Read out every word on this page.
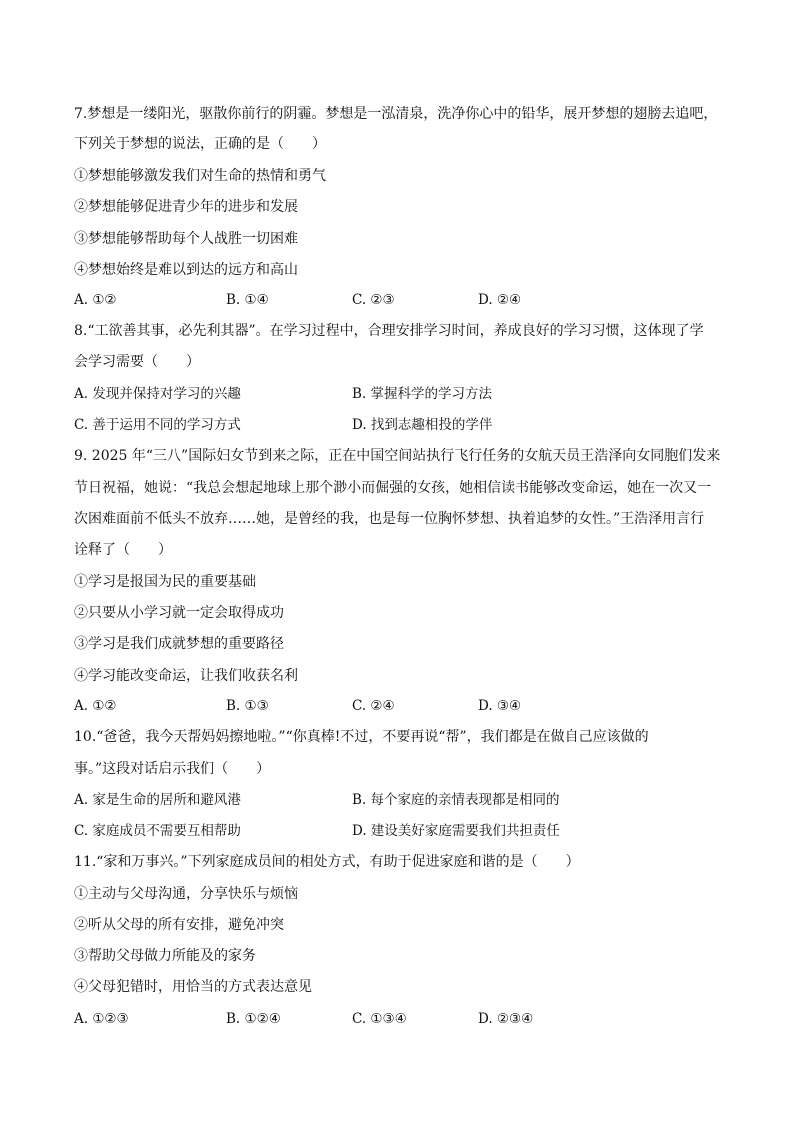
7.梦想是一缕阳光，驱散你前行的阴霾。梦想是一泓清泉，洗净你心中的铅华，展开梦想的翅膀去追吧，
下列关于梦想的说法，正确的是（　　）
①梦想能够激发我们对生命的热情和勇气
②梦想能够促进青少年的进步和发展
③梦想能够帮助每个人战胜一切困难
④梦想始终是难以到达的远方和高山
A. ①②	B. ①④	C. ②③	D. ②④
8.“工欲善其事，必先利其器”。在学习过程中，合理安排学习时间，养成良好的学习习惯，这体现了学
会学习需要（　　）
A. 发现并保持对学习的兴趣	B. 掌握科学的学习方法
C. 善于运用不同的学习方式	D. 找到志趣相投的学伴
9. 2025 年“三八”国际妇女节到来之际，正在中国空间站执行飞行任务的女航天员王浩泽向女同胞们发来
节日祝福，她说：“我总会想起地球上那个渺小而倔强的女孩，她相信读书能够改变命运，她在一次又一
次困难面前不低头不放弃……她，是曾经的我，也是每一位胸怀梦想、执着追梦的女性。”王浩泽用言行
诠释了（　　）
①学习是报国为民的重要基础
②只要从小学习就一定会取得成功
③学习是我们成就梦想的重要路径
④学习能改变命运，让我们收获名利
A. ①②	B. ①③	C. ②④	D. ③④
10.“爸爸，我今天帮妈妈擦地啦。”“你真棒!不过，不要再说“帮”，我们都是在做自己应该做的
事。”这段对话启示我们（　　）
A. 家是生命的居所和避风港	B. 每个家庭的亲情表现都是相同的
C. 家庭成员不需要互相帮助	D. 建设美好家庭需要我们共担责任
11.“家和万事兴。”下列家庭成员间的相处方式，有助于促进家庭和谐的是（　　）
①主动与父母沟通，分享快乐与烦恼
②听从父母的所有安排，避免冲突
③帮助父母做力所能及的家务
④父母犯错时，用恰当的方式表达意见
A. ①②③	B. ①②④	C. ①③④	D. ②③④
